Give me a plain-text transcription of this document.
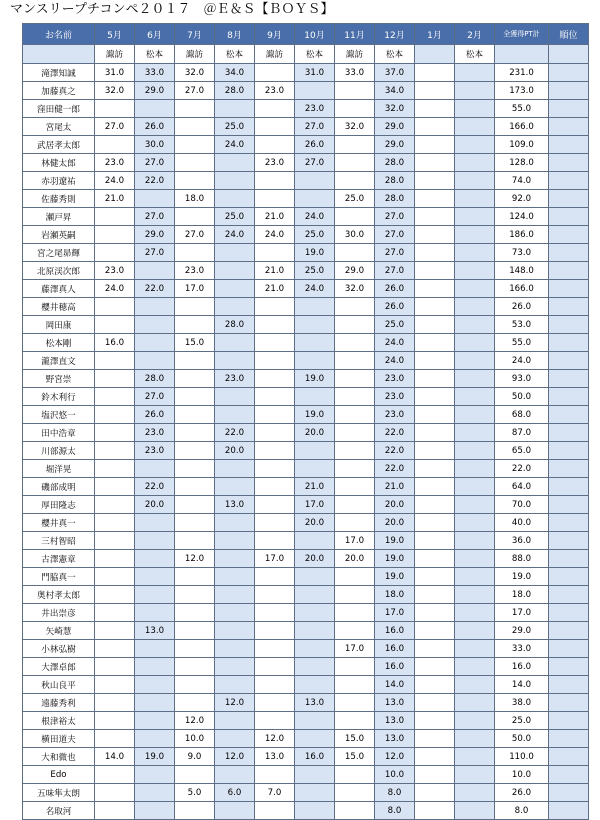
マンスリープチコンペ２０１７　＠Ｅ＆Ｓ【ＢＯＹＳ】
お名前	5月	6月	7月	8月	9月	10月	11月	12月	1月	2月	全獲得PT計	順位
	諏訪	松本	諏訪	松本	諏訪	松本	諏訪	松本		松本		
滝澤知誠	31.0	33.0	32.0	34.0		31.0	33.0	37.0			231.0	
加藤真之	32.0	29.0	27.0	28.0	23.0			34.0			173.0	
窪田健一郎						23.0		32.0			55.0	
宮尾太	27.0	26.0		25.0		27.0	32.0	29.0			166.0	
武居孝太郎		30.0		24.0		26.0		29.0			109.0	
林健太郎	23.0	27.0			23.0	27.0		28.0			128.0	
赤羽遼祐	24.0	22.0						28.0			74.0	
佐藤秀則	21.0		18.0				25.0	28.0			92.0	
瀬戸昇		27.0		25.0	21.0	24.0		27.0			124.0	
岩瀬英嗣		29.0	27.0	24.0	24.0	25.0	30.0	27.0			186.0	
宮之尾昴輝		27.0				19.0		27.0			73.0	
北原渓次郎	23.0		23.0		21.0	25.0	29.0	27.0			148.0	
藤澤真人	24.0	22.0	17.0		21.0	24.0	32.0	26.0			166.0	
櫻井穂高								26.0			26.0	
岡田康				28.0				25.0			53.0	
松本剛	16.0		15.0					24.0			55.0	
瀧澤直文								24.0			24.0	
野宮崇		28.0		23.0		19.0		23.0			93.0	
鈴木利行		27.0						23.0			50.0	
塩沢悠一		26.0				19.0		23.0			68.0	
田中浩章		23.0		22.0		20.0		22.0			87.0	
川部源太		23.0		20.0				22.0			65.0	
堀洋晃								22.0			22.0	
磯部成明		22.0				21.0		21.0			64.0	
厚田隆志		20.0		13.0		17.0		20.0			70.0	
櫻井真一						20.0		20.0			40.0	
三村智昭							17.0	19.0			36.0	
古澤憲章			12.0		17.0	20.0	20.0	19.0			88.0	
門脇真一								19.0			19.0	
奥村孝太郎								18.0			18.0	
井出崇彦								17.0			17.0	
矢崎慧		13.0						16.0			29.0	
小林弘樹							17.0	16.0			33.0	
大澤卓郎								16.0			16.0	
秋山良平								14.0			14.0	
遠藤秀利				12.0		13.0		13.0			38.0	
根津裕太			12.0					13.0			25.0	
横田道夫			10.0		12.0		15.0	13.0			50.0	
大和微也	14.0	19.0	9.0	12.0	13.0	16.0	15.0	12.0			110.0	
Edo								10.0			10.0	
五味隼太朗			5.0	6.0	7.0			8.0			26.0	
名取河								8.0			8.0	
